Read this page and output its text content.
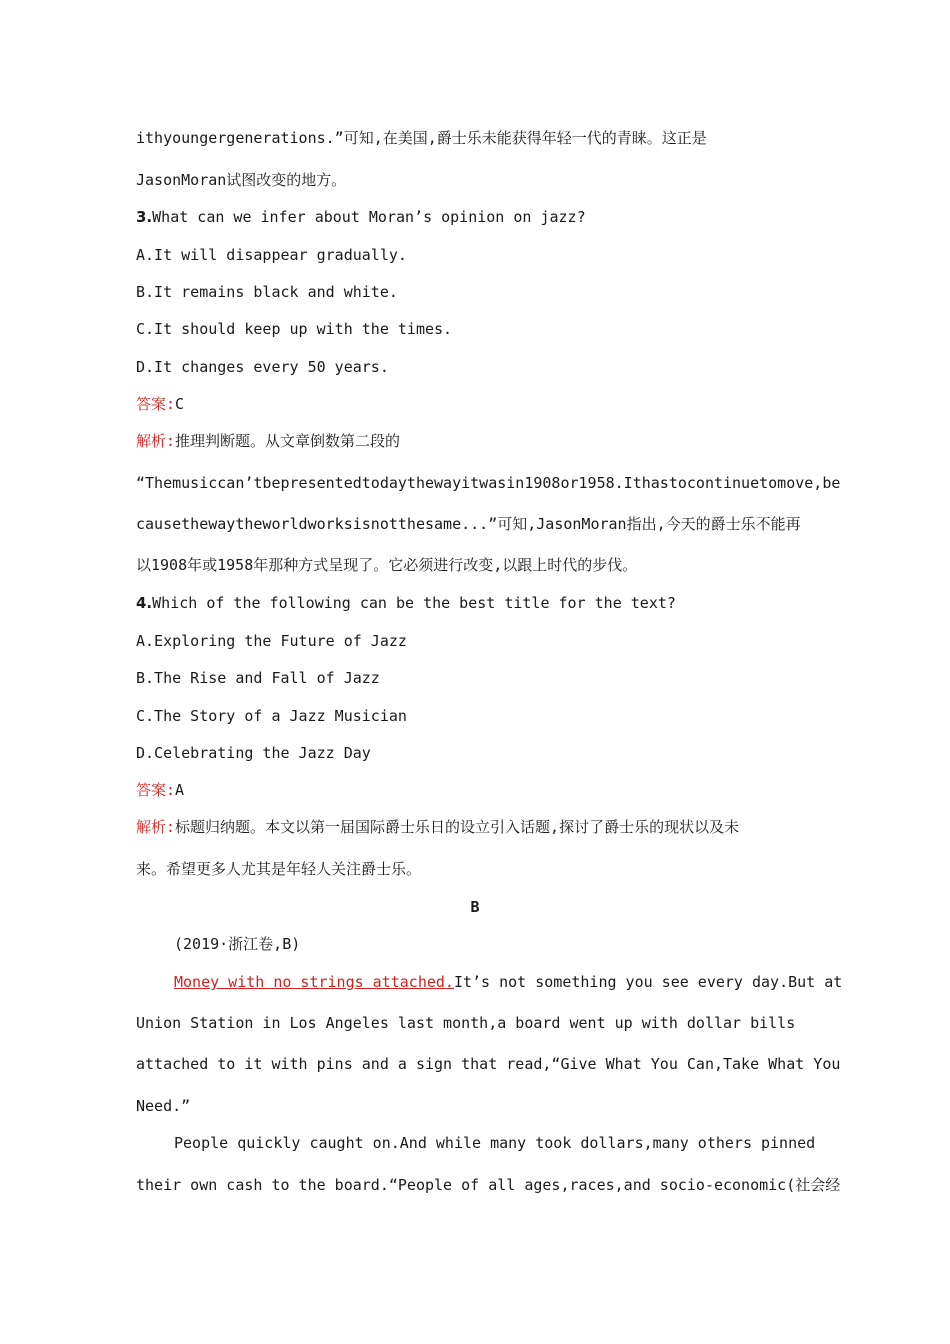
ithyoungergenerations.”可知,在美国,爵士乐未能获得年轻一代的青睐。这正是
JasonMoran试图改变的地方。
3.What can we infer about Moran’s opinion on jazz?
A.It will disappear gradually.
B.It remains black and white.
C.It should keep up with the times.
D.It changes every 50 years.
答案:C
解析:推理判断题。从文章倒数第二段的
“Themusiccan’tbepresentedtodaythewayitwasin1908or1958.Ithastocontinuetomove,be
causethewaytheworldworksisnotthesame...”可知,JasonMoran指出,今天的爵士乐不能再
以1908年或1958年那种方式呈现了。它必须进行改变,以跟上时代的步伐。
4.Which of the following can be the best title for the text?
A.Exploring the Future of Jazz
B.The Rise and Fall of Jazz
C.The Story of a Jazz Musician
D.Celebrating the Jazz Day
答案:A
解析:标题归纳题。本文以第一届国际爵士乐日的设立引入话题,探讨了爵士乐的现状以及未
来。希望更多人尤其是年轻人关注爵士乐。
B
(2019·浙江卷,B)
Money with no strings attached.It’s not something you see every day.But at
Union Station in Los Angeles last month,a board went up with dollar bills
attached to it with pins and a sign that read,“Give What You Can,Take What You
Need.”
People quickly caught on.And while many took dollars,many others pinned
their own cash to the board.“People of all ages,races,and socio-economic(社会经
